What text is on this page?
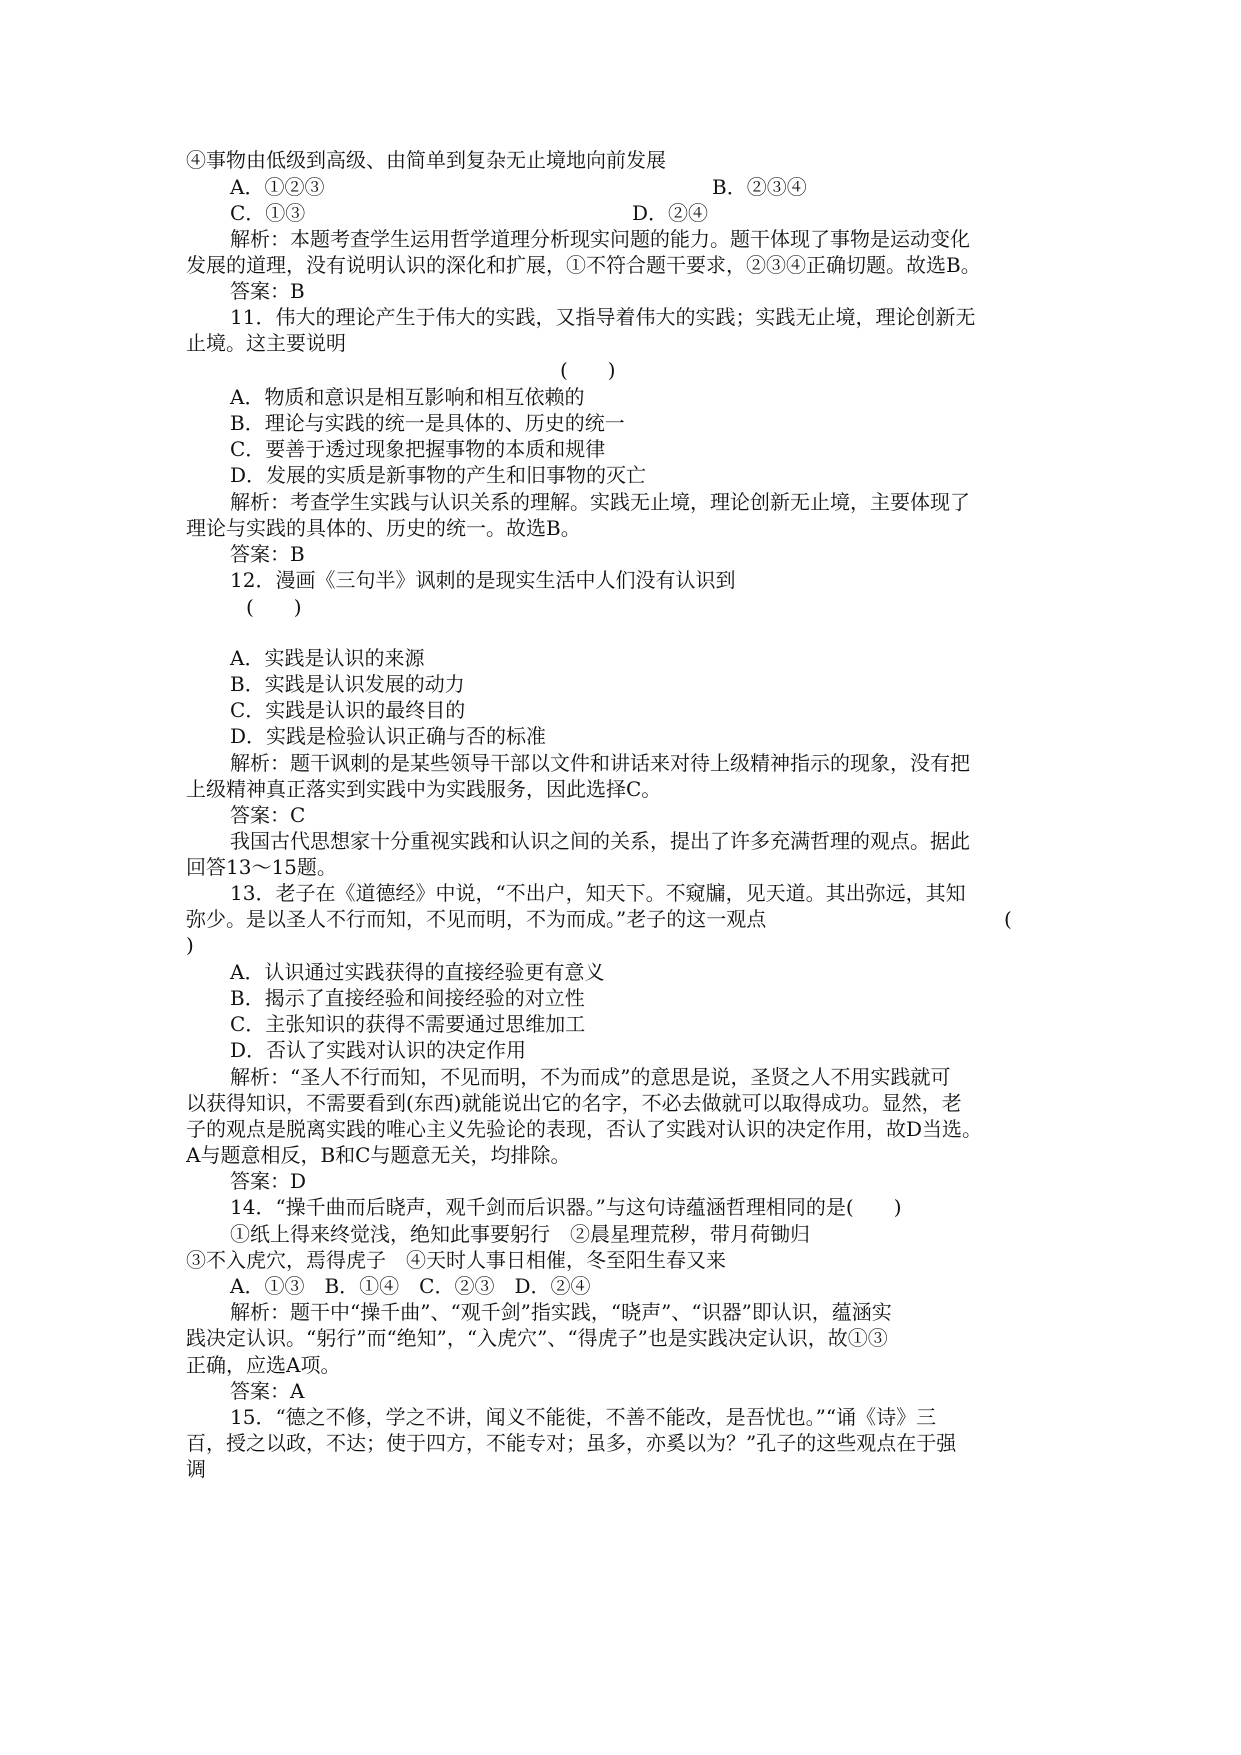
④事物由低级到高级、由简单到复杂无止境地向前发展
A．①②③	B．②③④
C．①③	D．②④
解析：本题考查学生运用哲学道理分析现实问题的能力。题干体现了事物是运动变化
发展的道理，没有说明认识的深化和扩展，①不符合题干要求，②③④正确切题。故选B。
答案：B
11．伟大的理论产生于伟大的实践，又指导着伟大的实践；实践无止境，理论创新无
止境。这主要说明
(　　)
A．物质和意识是相互影响和相互依赖的
B．理论与实践的统一是具体的、历史的统一
C．要善于透过现象把握事物的本质和规律
D．发展的实质是新事物的产生和旧事物的灭亡
解析：考查学生实践与认识关系的理解。实践无止境，理论创新无止境，主要体现了
理论与实践的具体的、历史的统一。故选B。
答案：B
12．漫画《三句半》讽刺的是现实生活中人们没有认识到
(　　)
A．实践是认识的来源
B．实践是认识发展的动力
C．实践是认识的最终目的
D．实践是检验认识正确与否的标准
解析：题干讽刺的是某些领导干部以文件和讲话来对待上级精神指示的现象，没有把
上级精神真正落实到实践中为实践服务，因此选择C。
答案：C
我国古代思想家十分重视实践和认识之间的关系，提出了许多充满哲理的观点。据此
回答13～15题。
13．老子在《道德经》中说，“不出户，知天下。不窥牖，见天道。其出弥远，其知
弥少。是以圣人不行而知，不见而明，不为而成。”老子的这一观点	(
)
A．认识通过实践获得的直接经验更有意义
B．揭示了直接经验和间接经验的对立性
C．主张知识的获得不需要通过思维加工
D．否认了实践对认识的决定作用
解析：“圣人不行而知，不见而明，不为而成”的意思是说，圣贤之人不用实践就可
以获得知识，不需要看到(东西)就能说出它的名字，不必去做就可以取得成功。显然，老
子的观点是脱离实践的唯心主义先验论的表现，否认了实践对认识的决定作用，故D当选。
A与题意相反，B和C与题意无关，均排除。
答案：D
14．“操千曲而后晓声，观千剑而后识器。”与这句诗蕴涵哲理相同的是(　　)
①纸上得来终觉浅，绝知此事要躬行　②晨星理荒秽，带月荷锄归
③不入虎穴，焉得虎子　④天时人事日相催，冬至阳生春又来
A．①③　B．①④　C．②③　D．②④
解析：题干中“操千曲”、“观千剑”指实践，“晓声”、“识器”即认识，蕴涵实
践决定认识。“躬行”而“绝知”，“入虎穴”、“得虎子”也是实践决定认识，故①③
正确，应选A项。
答案：A
15．“德之不修，学之不讲，闻义不能徙，不善不能改，是吾忧也。”“诵《诗》三
百，授之以政，不达；使于四方，不能专对；虽多，亦奚以为？”孔子的这些观点在于强
调
